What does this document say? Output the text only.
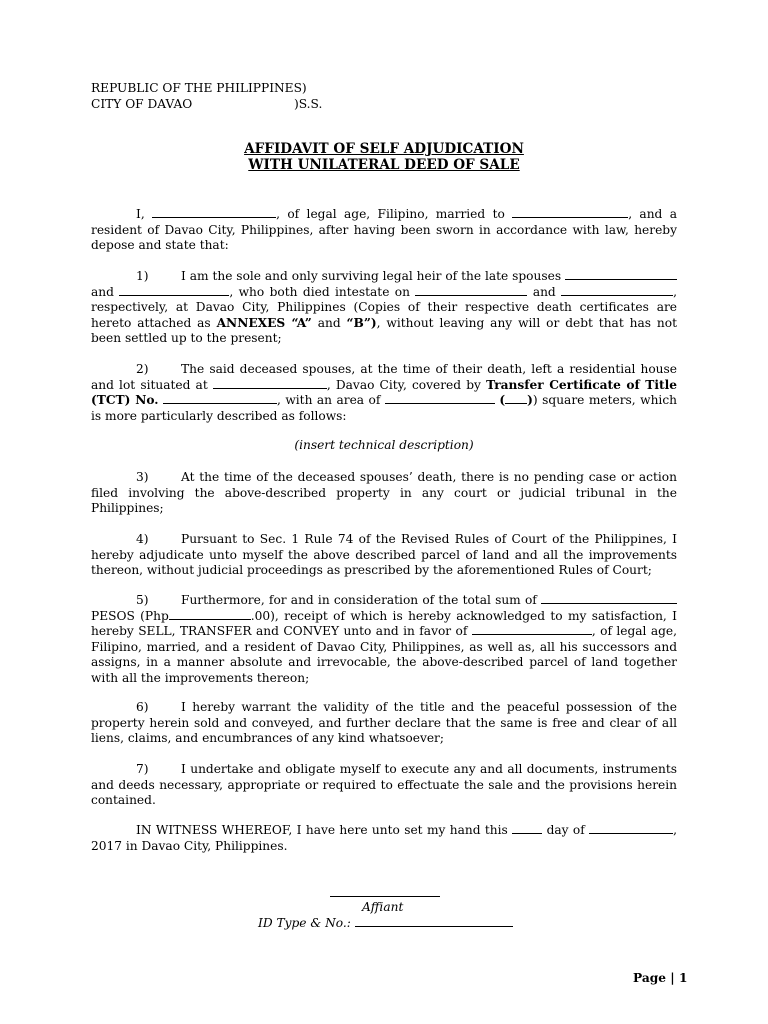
REPUBLIC OF THE PHILIPPINES)
CITY OF DAVAO	)S.S.
AFFIDAVIT OF SELF ADJUDICATION
WITH UNILATERAL DEED OF SALE

I,	, of legal age, Filipino, married to	, and a resident of Davao City, Philippines, after having been sworn in accordance with law, hereby depose and state that:

1)	I am the sole and only surviving legal heir of the late spouses  and	, who both died intestate on	and	, respectively, at Davao City, Philippines (Copies of their respective death certificates are hereto attached as ANNEXES “A” and “B”), without leaving any will or debt that has not been settled up to the present;

2)	The said deceased spouses, at the time of their death, left a residential house and lot situated at	, Davao City, covered by Transfer Certificate of Title (TCT) No.	, with an area of	( )) square meters, which is more particularly described as follows:

(insert technical description)

3)	At the time of the deceased spouses’ death, there is no pending case or action filed involving the above-described property in any court or judicial tribunal in the Philippines;

4)	Pursuant to Sec. 1 Rule 74 of the Revised Rules of Court of the Philippines, I hereby adjudicate unto myself the above described parcel of land and all the improvements thereon, without judicial proceedings as prescribed by the aforementioned Rules of Court;

5)	Furthermore, for and in consideration of the total sum of  PESOS (Php	.00), receipt of which is hereby acknowledged to my satisfaction, I hereby SELL, TRANSFER and CONVEY unto and in favor of	, of legal age, Filipino, married, and a resident of Davao City, Philippines, as well as, all his successors and assigns, in a manner absolute and irrevocable, the above-described parcel of land together with all the improvements thereon;

6)	I hereby warrant the validity of the title and the peaceful possession of the property herein sold and conveyed, and further declare that the same is free and clear of all liens, claims, and encumbrances of any kind whatsoever;

7)	I undertake and obligate myself to execute any and all documents, instruments and deeds necessary, appropriate or required to effectuate the sale and the provisions herein contained.

IN WITNESS WHEREOF, I have here unto set my hand this	day of	, 2017 in Davao City, Philippines.

Affiant
ID Type & No.:
Page | 1
